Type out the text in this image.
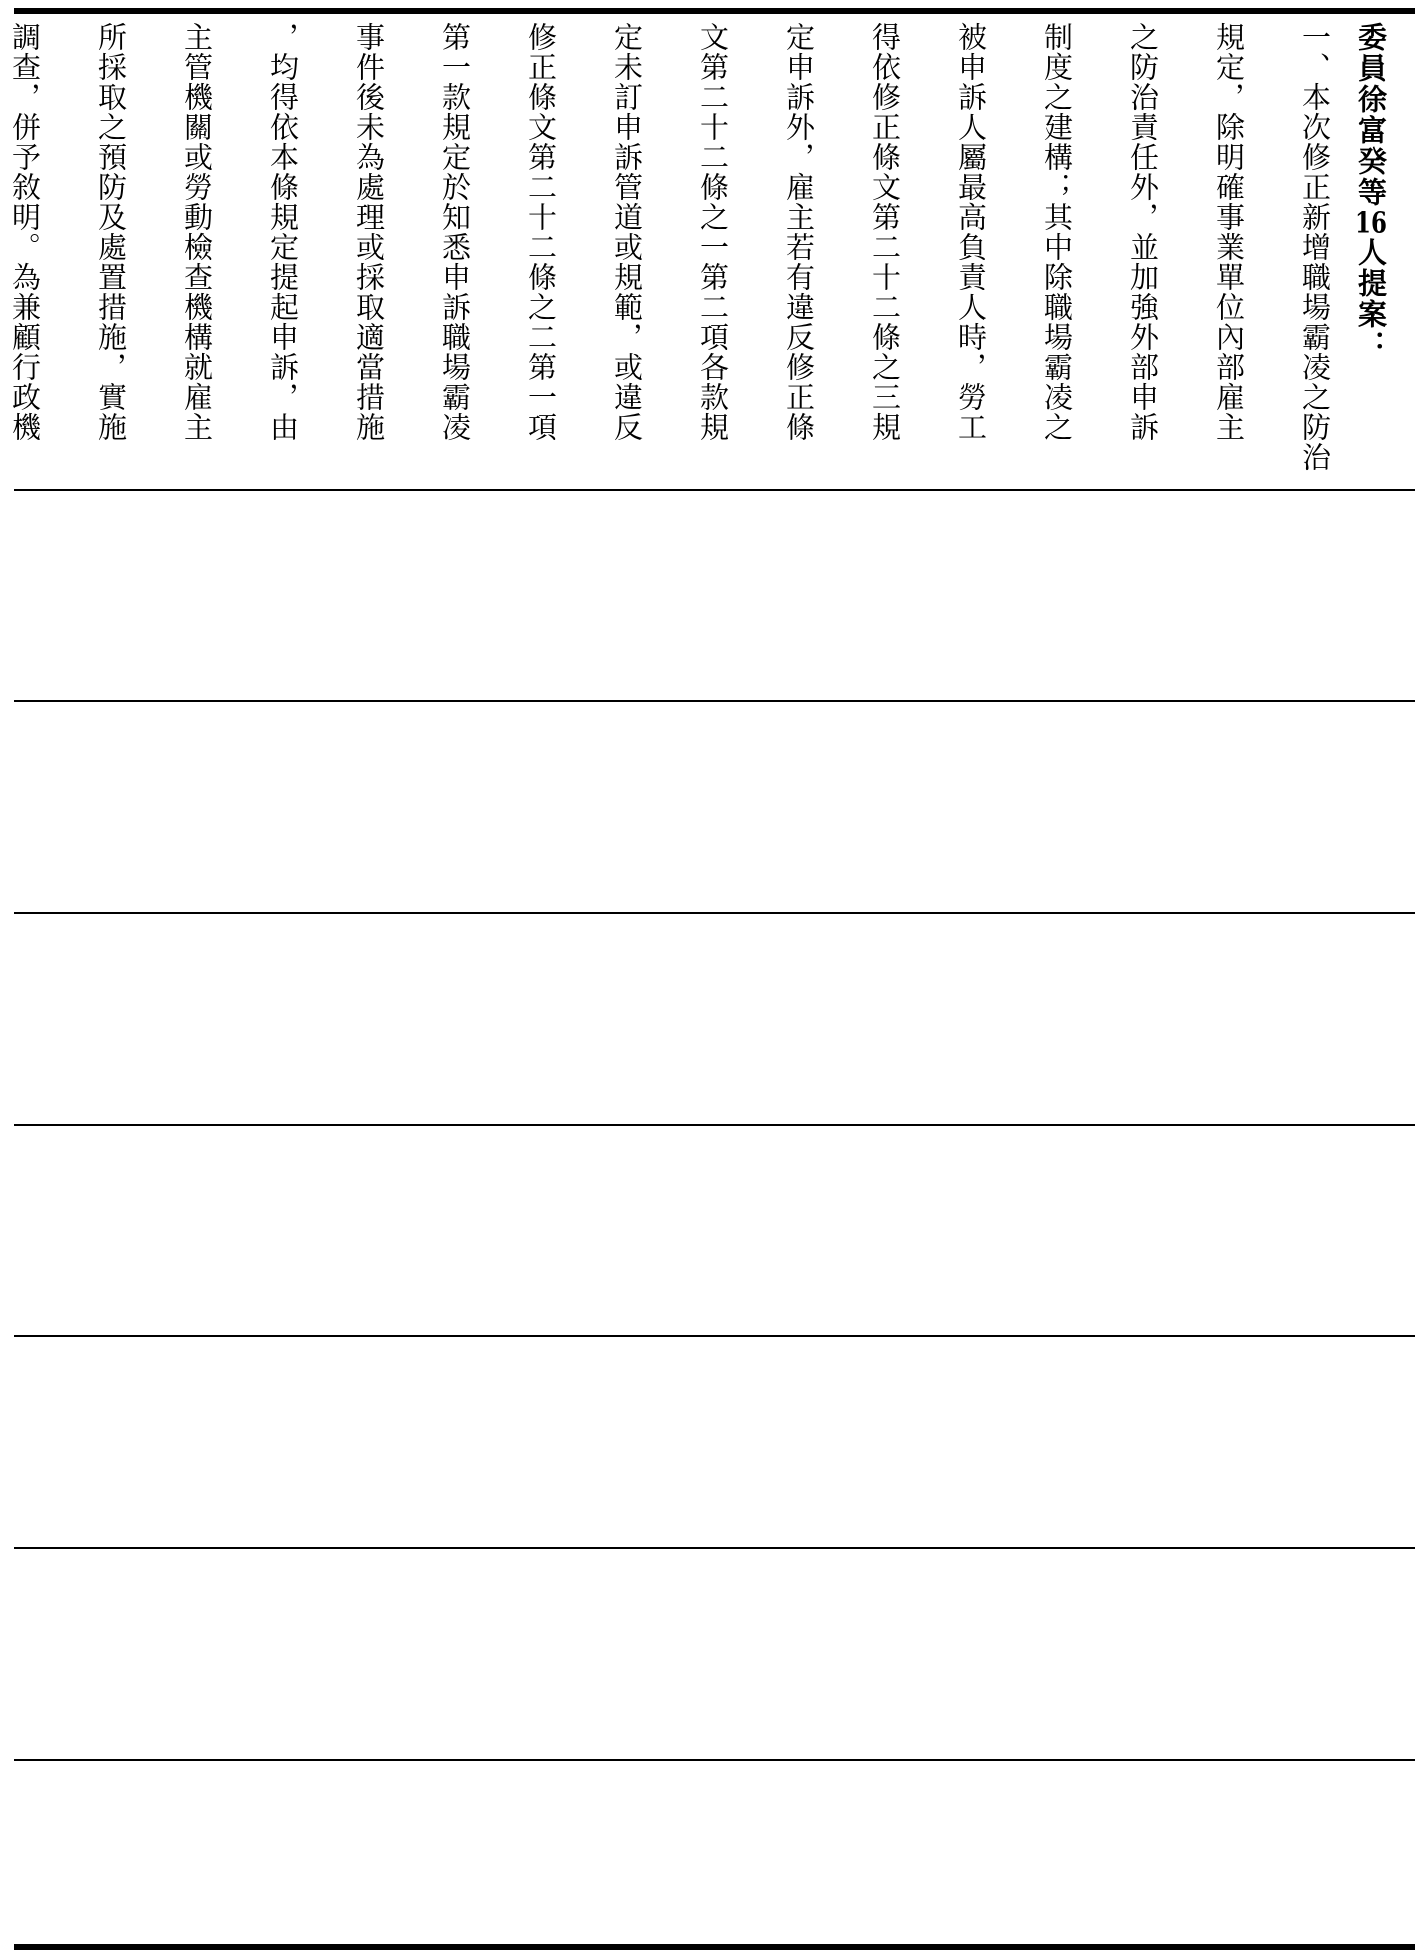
委員徐富癸等16人提案：
一、本次修正新增職場霸凌之防治
規定，除明確事業單位內部雇主
之防治責任外，並加強外部申訴
制度之建構；其中除職場霸凌之
被申訴人屬最高負責人時，勞工
得依修正條文第二十二條之三規
定申訴外，雇主若有違反修正條
文第二十二條之一第二項各款規
定未訂申訴管道或規範，或違反
修正條文第二十二條之二第一項
第一款規定於知悉申訴職場霸凌
事件後未為處理或採取適當措施
，均得依本條規定提起申訴，由
主管機關或勞動檢查機構就雇主
所採取之預防及處置措施，實施
調查，併予敘明。為兼顧行政機
